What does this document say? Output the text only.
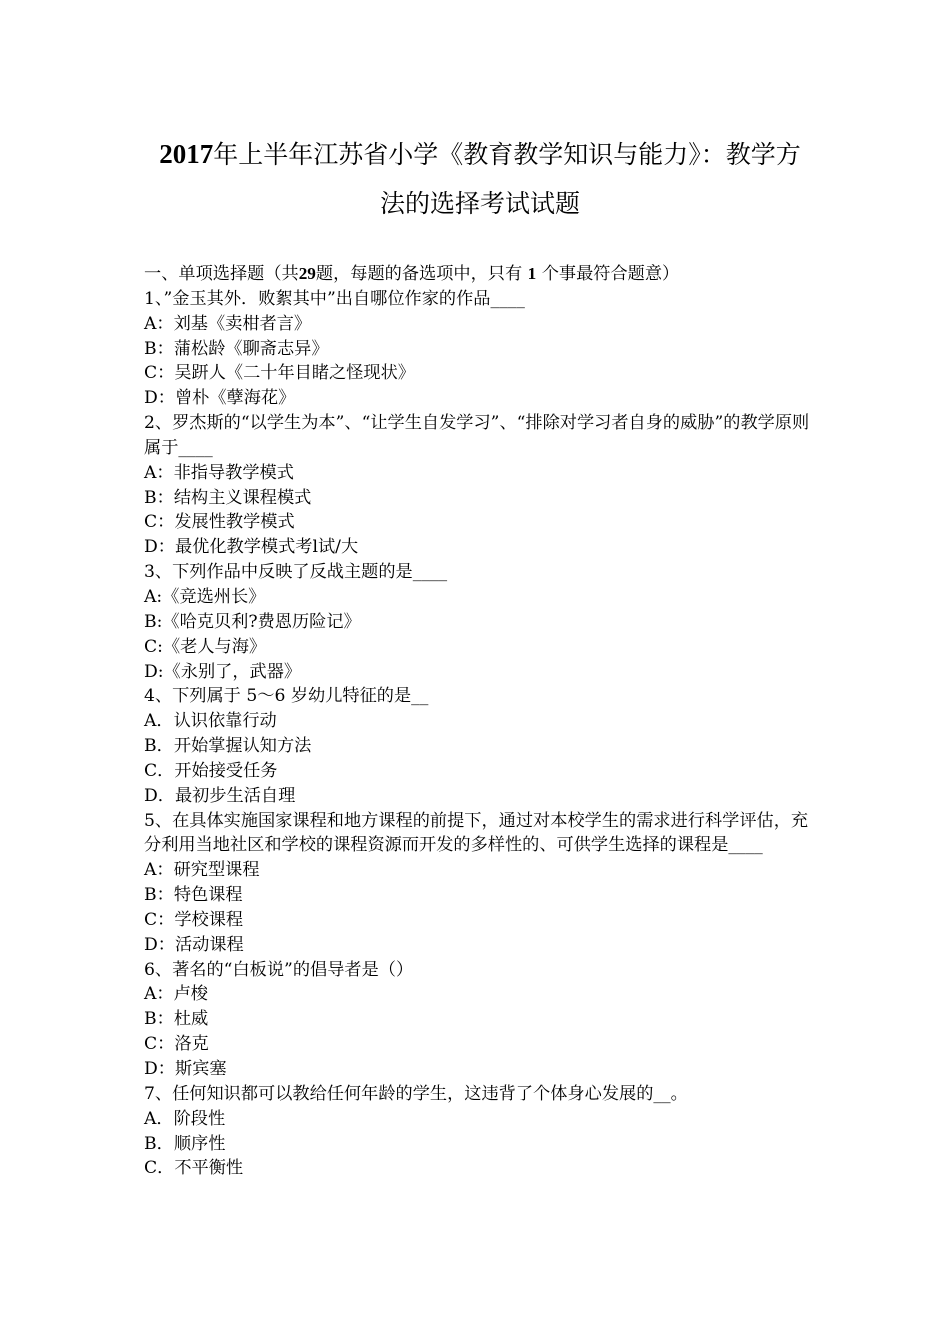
2017年上半年江苏省小学《教育教学知识与能力》：教学方
法的选择考试试题
一、单项选择题（共29题，每题的备选项中，只有 1 个事最符合题意）
1、”金玉其外．败絮其中”出自哪位作家的作品____
A：刘基《卖柑者言》
B：蒲松龄《聊斋志异》
C：吴趼人《二十年目睹之怪现状》
D：曾朴《孽海花》
2、罗杰斯的“以学生为本”、“让学生自发学习”、“排除对学习者自身的威胁”的教学原则属于____
A：非指导教学模式
B：结构主义课程模式
C：发展性教学模式
D：最优化教学模式考l试/大
3、下列作品中反映了反战主题的是____
A:《竞选州长》
B:《哈克贝利?费恩历险记》
C:《老人与海》
D:《永别了，武器》
4、下列属于 5～6 岁幼儿特征的是__
A．认识依靠行动
B．开始掌握认知方法
C．开始接受任务
D．最初步生活自理
5、在具体实施国家课程和地方课程的前提下，通过对本校学生的需求进行科学评估，充分利用当地社区和学校的课程资源而开发的多样性的、可供学生选择的课程是____
A：研究型课程
B：特色课程
C：学校课程
D：活动课程
6、著名的“白板说”的倡导者是（）
A：卢梭
B：杜威
C：洛克
D：斯宾塞
7、任何知识都可以教给任何年龄的学生，这违背了个体身心发展的__。
A．阶段性
B．顺序性
C．不平衡性
